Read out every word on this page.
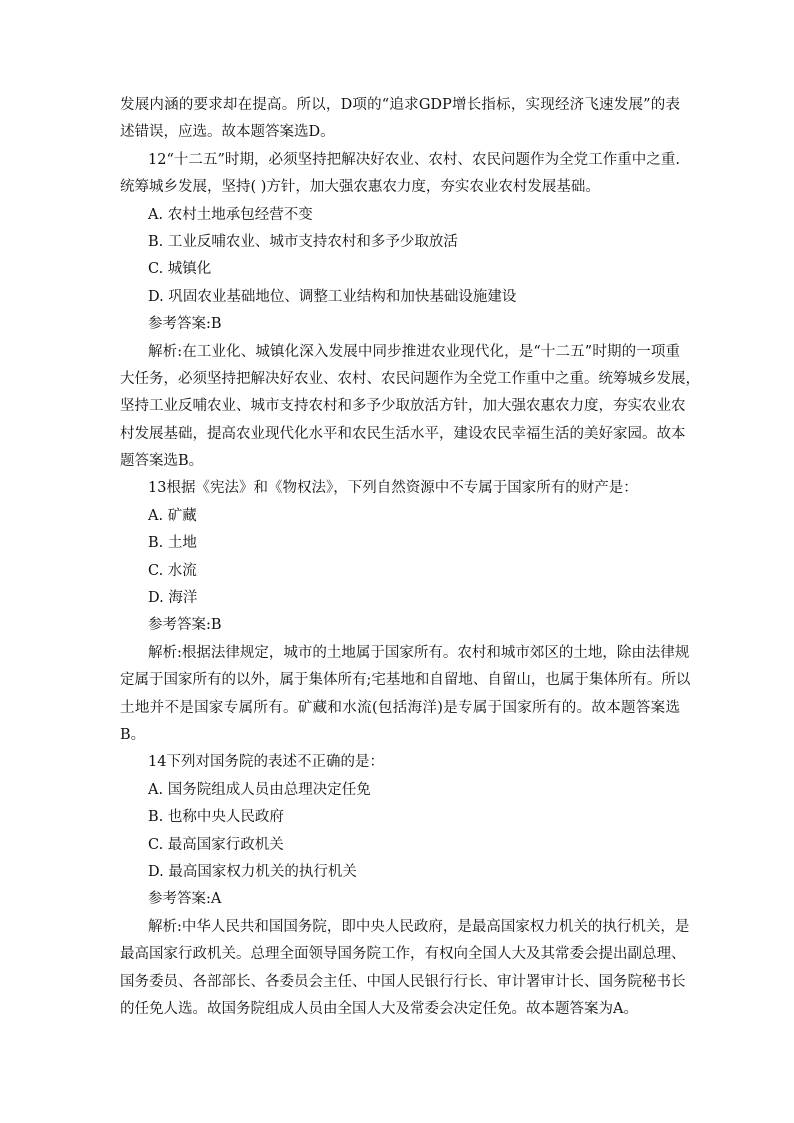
发展内涵的要求却在提高。所以，D项的“追求GDP增长指标，实现经济飞速发展”的表
述错误，应选。故本题答案选D。
12“十二五”时期，必须坚持把解决好农业、农村、农民问题作为全党工作重中之重.
统筹城乡发展，坚持( )方针，加大强农惠农力度，夯实农业农村发展基础。
A. 农村土地承包经营不变
B. 工业反哺农业、城市支持农村和多予少取放活
C. 城镇化
D. 巩固农业基础地位、调整工业结构和加快基础设施建设
参考答案:B
解析:在工业化、城镇化深入发展中同步推进农业现代化，是“十二五”时期的一项重
大任务，必须坚持把解决好农业、农村、农民问题作为全党工作重中之重。统筹城乡发展，
坚持工业反哺农业、城市支持农村和多予少取放活方针，加大强农惠农力度，夯实农业农
村发展基础，提高农业现代化水平和农民生活水平，建设农民幸福生活的美好家园。故本
题答案选B。
13根据《宪法》和《物权法》，下列自然资源中不专属于国家所有的财产是：
A. 矿藏
B. 土地
C. 水流
D. 海洋
参考答案:B
解析:根据法律规定，城市的土地属于国家所有。农村和城市郊区的土地，除由法律规
定属于国家所有的以外，属于集体所有;宅基地和自留地、自留山，也属于集体所有。所以
土地并不是国家专属所有。矿藏和水流(包括海洋)是专属于国家所有的。故本题答案选
B。
14下列对国务院的表述不正确的是：
A. 国务院组成人员由总理决定任免
B. 也称中央人民政府
C. 最高国家行政机关
D. 最高国家权力机关的执行机关
参考答案:A
解析:中华人民共和国国务院，即中央人民政府，是最高国家权力机关的执行机关，是
最高国家行政机关。总理全面领导国务院工作，有权向全国人大及其常委会提出副总理、
国务委员、各部部长、各委员会主任、中国人民银行行长、审计署审计长、国务院秘书长
的任免人选。故国务院组成人员由全国人大及常委会决定任免。故本题答案为A。
